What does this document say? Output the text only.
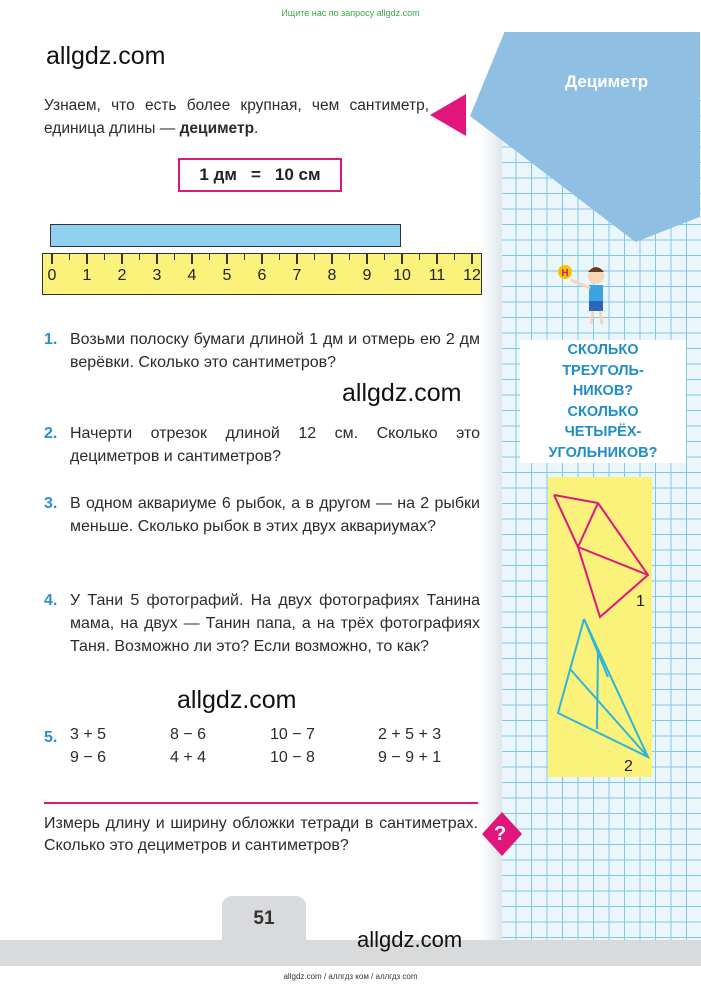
Ищите нас по запросу allgdz.com
Дециметр
allgdz.com
allgdz.com
allgdz.com
allgdz.com
Узнаем, что есть более крупная, чем сантиметр, единица длины — дециметр.
1 дм = 10 см
0 1 2 3 4 5 6 7 8 9 10 11 12
1. Возьми полоску бумаги длиной 1 дм и отмерь ею 2 дм верёвки. Сколько это сантиметров?
2. Начерти отрезок длиной 12 см. Сколько это дециметров и сантиметров?
3. В одном аквариуме 6 рыбок, а в другом — на 2 рыбки меньше. Сколько рыбок в этих двух аквариумах?
4. У Тани 5 фотографий. На двух фотографиях Танина мама, на двух — Танин папа, а на трёх фотографиях Таня. Возможно ли это? Если возможно, то как?
5. 3 + 5	8 − 6	10 − 7	2 + 5 + 3
9 − 6	4 + 4	10 − 8	9 − 9 + 1
Измерь длину и ширину обложки тетради в сантиметрах. Сколько это дециметров и сантиметров?
?
51
Н
СКОЛЬКО
ТРЕУГОЛЬ-
НИКОВ?
СКОЛЬКО
ЧЕТЫРЁХ-
УГОЛЬНИКОВ?
1
2
allgdz.com / аллгдз ком / аллгдз com
